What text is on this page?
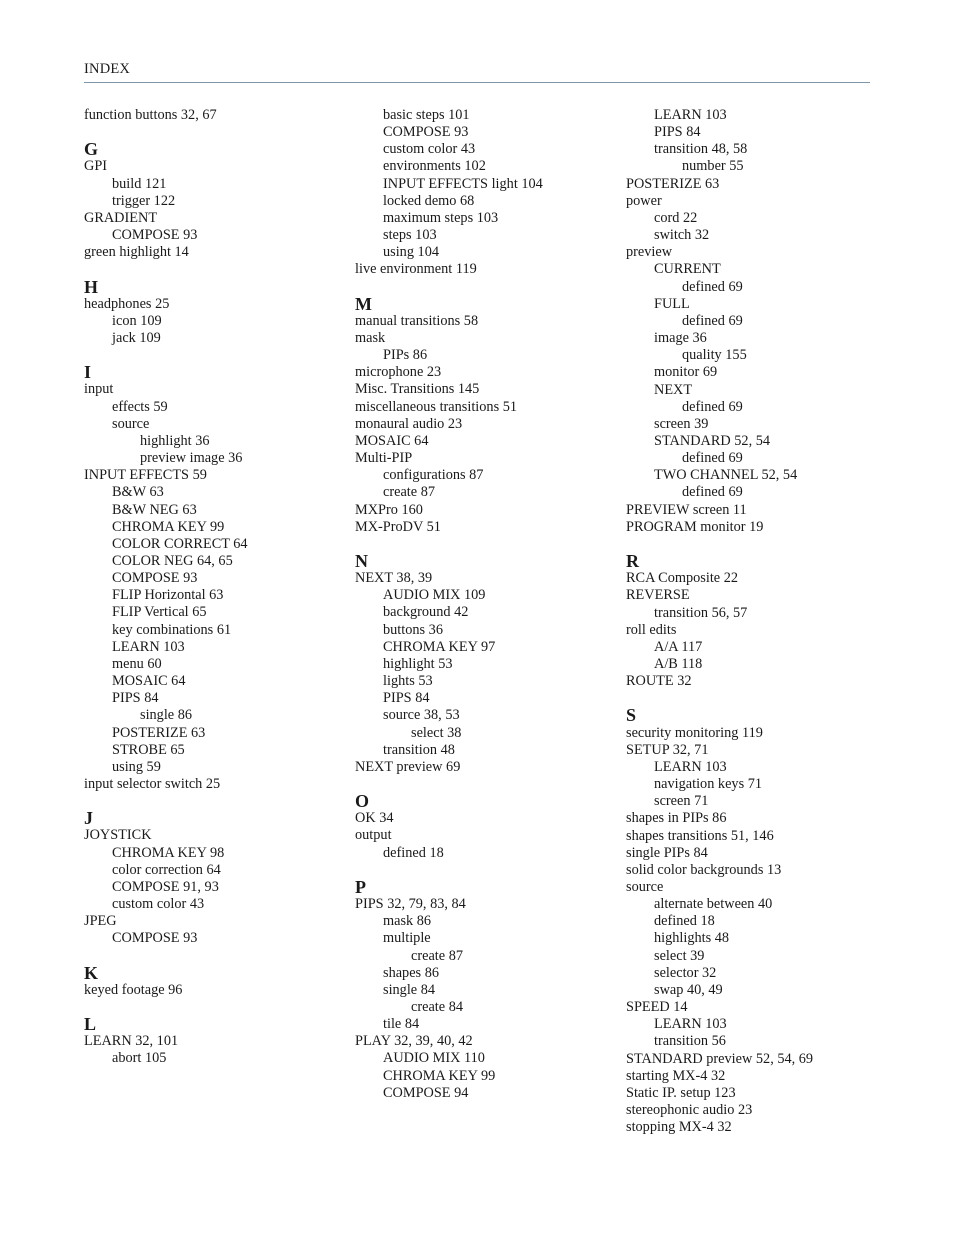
INDEX
function buttons 32, 67
G
GPI
build 121
trigger 122
GRADIENT
COMPOSE 93
green highlight 14
H
headphones 25
icon 109
jack 109
I
input
effects 59
source
highlight 36
preview image 36
INPUT EFFECTS 59
B&W 63
B&W NEG 63
CHROMA KEY 99
COLOR CORRECT 64
COLOR NEG 64, 65
COMPOSE 93
FLIP Horizontal 63
FLIP Vertical 65
key combinations 61
LEARN 103
menu 60
MOSAIC 64
PIPS 84
single 86
POSTERIZE 63
STROBE 65
using 59
input selector switch 25
J
JOYSTICK
CHROMA KEY 98
color correction 64
COMPOSE 91, 93
custom color 43
JPEG
COMPOSE 93
K
keyed footage 96
L
LEARN 32, 101
abort 105
basic steps 101
COMPOSE 93
custom color 43
environments 102
INPUT EFFECTS light 104
locked demo 68
maximum steps 103
steps 103
using 104
live environment 119
M
manual transitions 58
mask
PIPs 86
microphone 23
Misc. Transitions 145
miscellaneous transitions 51
monaural audio 23
MOSAIC 64
Multi-PIP
configurations 87
create 87
MXPro 160
MX-ProDV 51
N
NEXT 38, 39
AUDIO MIX 109
background 42
buttons 36
CHROMA KEY 97
highlight 53
lights 53
PIPS 84
source 38, 53
select 38
transition 48
NEXT preview 69
O
OK 34
output
defined 18
P
PIPS 32, 79, 83, 84
mask 86
multiple
create 87
shapes 86
single 84
create 84
tile 84
PLAY 32, 39, 40, 42
AUDIO MIX 110
CHROMA KEY 99
COMPOSE 94
LEARN 103
PIPS 84
transition 48, 58
number 55
POSTERIZE 63
power
cord 22
switch 32
preview
CURRENT
defined 69
FULL
defined 69
image 36
quality 155
monitor 69
NEXT
defined 69
screen 39
STANDARD 52, 54
defined 69
TWO CHANNEL 52, 54
defined 69
PREVIEW screen 11
PROGRAM monitor 19
R
RCA Composite 22
REVERSE
transition 56, 57
roll edits
A/A 117
A/B 118
ROUTE 32
S
security monitoring 119
SETUP 32, 71
LEARN 103
navigation keys 71
screen 71
shapes in PIPs 86
shapes transitions 51, 146
single PIPs 84
solid color backgrounds 13
source
alternate between 40
defined 18
highlights 48
select 39
selector 32
swap 40, 49
SPEED 14
LEARN 103
transition 56
STANDARD preview 52, 54, 69
starting MX-4 32
Static IP. setup 123
stereophonic audio 23
stopping MX-4 32
